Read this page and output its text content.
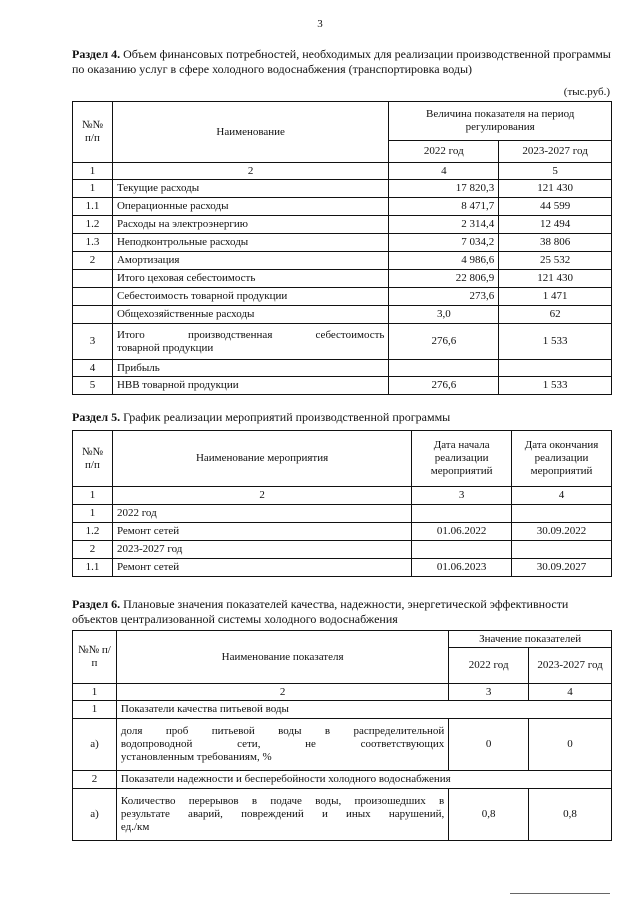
3
Раздел 4. Объем финансовых потребностей, необходимых для реализации производственной программы по оказанию услуг в сфере холодного водоснабжения (транспортировка воды)
(тыс.руб.)
№№ п/п	Наименование	Величина показателя на период регулирования	
		2022 год	2023-2027 год
1	2	4	5
1	Текущие расходы	17 820,3	121 430
1.1	Операционные расходы	8 471,7	44 599
1.2	Расходы на электроэнергию	2 314,4	12 494
1.3	Неподконтрольные расходы	7 034,2	38 806
2	Амортизация	4 986,6	25 532
	Итого цеховая себестоимость	22 806,9	121 430
	Себестоимость товарной продукции	273,6	1 471
	Общехозяйственные расходы	3,0	62
3	Итого производственная себестоимость
товарной продукции	276,6	1 533
4	Прибыль		
5	НВВ товарной продукции	276,6	1 533
Раздел 5. График реализации мероприятий производственной программы
№№ п/п	Наименование мероприятия	Дата начала реализации мероприятий	Дата окончания реализации мероприятий
1	2	3	4
1	2022 год		
1.2	Ремонт сетей	01.06.2022	30.09.2022
2	2023-2027 год		
1.1	Ремонт сетей	01.06.2023	30.09.2027
Раздел 6. Плановые значения показателей качества, надежности, энергетической эффективности объектов централизованной системы холодного водоснабжения
№№ п/п	Наименование показателя	Значение показателей	
		2022 год	2023-2027 год
1	2	3	4
1	Показатели качества питьевой воды		
а)	доля проб питьевой воды в распределительной
водопроводной сети, не соответствующих
установленным требованиям, %	0	0
2	Показатели надежности и бесперебойности холодного водоснабжения		
а)	Количество перерывов в подаче воды, произошедших в
результате аварий, повреждений и иных нарушений,
ед./км	0,8	0,8
